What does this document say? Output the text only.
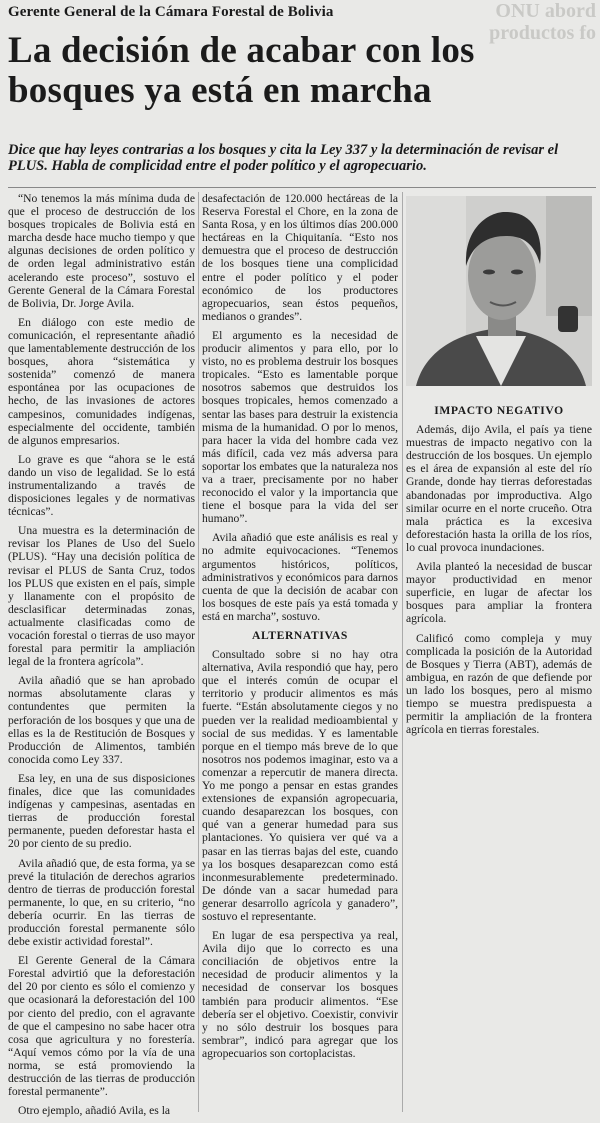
ONU abord
productos fo
Gerente General de la Cámara Forestal de Bolivia
La decisión de acabar con los bosques ya está en marcha
Dice que hay leyes contrarias a los bosques y cita la Ley 337 y la determinación de revisar el PLUS. Habla de complicidad entre el poder político y el agropecuario.

“No tenemos la más mínima duda de que el proceso de destrucción de los bosques tropicales de Bolivia está en marcha desde hace mucho tiempo y que algunas decisiones de orden político y de orden legal administrativo están acelerando este proceso”, sostuvo el Gerente General de la Cámara Forestal de Bolivia, Dr. Jorge Avila.

En diálogo con este medio de comunicación, el representante añadió que lamentablemente destrucción de los bosques, ahora “sistemática y sostenida” comenzó de manera espontánea por las ocupaciones de hecho, de las invasiones de actores campesinos, comunidades indígenas, especialmente del occidente, también de algunos empresarios.

Lo grave es que “ahora se le está dando un viso de legalidad. Se lo está instrumentalizando a través de disposiciones legales y de normativas técnicas”.

Una muestra es la determinación de revisar los Planes de Uso del Suelo (PLUS). “Hay una decisión política de revisar el PLUS de Santa Cruz, todos los PLUS que existen en el país, simple y llanamente con el propósito de desclasificar determinadas zonas, actualmente clasificadas como de vocación forestal o tierras de uso mayor forestal para permitir la ampliación legal de la frontera agrícola”.

Avila añadió que se han aprobado normas absolutamente claras y contundentes que permiten la perforación de los bosques y que una de ellas es la de Restitución de Bosques y Producción de Alimentos, también conocida como Ley 337.

Esa ley, en una de sus disposiciones finales, dice que las comunidades indígenas y campesinas, asentadas en tierras de producción forestal permanente, pueden deforestar hasta el 20 por ciento de su predio.

Avila añadió que, de esta forma, ya se prevé la titulación de derechos agrarios dentro de tierras de producción forestal permanente, lo que, en su criterio, “no debería ocurrir. En las tierras de producción forestal permanente sólo debe existir actividad forestal”.

El Gerente General de la Cámara Forestal advirtió que la deforestación del 20 por ciento es sólo el comienzo y que ocasionará la deforestación del 100 por ciento del predio, con el agravante de que el campesino no sabe hacer otra cosa que agricultura y no forestería. “Aquí vemos cómo por la vía de una norma, se está promoviendo la destrucción de las tierras de producción forestal permanente”.

Otro ejemplo, añadió Avila, es la

desafectación de 120.000 hectáreas de la Reserva Forestal el Chore, en la zona de Santa Rosa, y en los últimos días 200.000 hectáreas en la Chiquitanía. “Esto nos demuestra que el proceso de destrucción de los bosques tiene una complicidad entre el poder político y el poder económico de los productores agropecuarios, sean éstos pequeños, medianos o grandes”.

El argumento es la necesidad de producir alimentos y para ello, por lo visto, no es problema destruir los bosques tropicales. “Esto es lamentable porque nosotros sabemos que destruidos los bosques tropicales, hemos comenzado a sentar las bases para destruir la existencia misma de la humanidad. O por lo menos, para hacer la vida del hombre cada vez más difícil, cada vez más adversa para soportar los embates que la naturaleza nos va a traer, precisamente por no haber reconocido el valor y la importancia que tiene el bosque para la vida del ser humano”.

Avila añadió que este análisis es real y no admite equivocaciones. “Tenemos argumentos históricos, políticos, administrativos y económicos para darnos cuenta de que la decisión de acabar con los bosques de este país ya está tomada y está en marcha”, sostuvo.

ALTERNATIVAS

Consultado sobre si no hay otra alternativa, Avila respondió que hay, pero que el interés común de ocupar el territorio y producir alimentos es más fuerte. “Están absolutamente ciegos y no pueden ver la realidad medioambiental y social de sus medidas. Y es lamentable porque en el tiempo más breve de lo que nosotros nos podemos imaginar, esto va a comenzar a repercutir de manera directa. Yo me pongo a pensar en estas grandes extensiones de expansión agropecuaria, cuando desaparezcan los bosques, con qué van a generar humedad para sus plantaciones. Yo quisiera ver qué va a pasar en las tierras bajas del este, cuando ya los bosques desaparezcan como está inconmesurablemente predeterminado. De dónde van a sacar humedad para generar desarrollo agrícola y ganadero”, sostuvo el representante.

En lugar de esa perspectiva ya real, Avila dijo que lo correcto es una conciliación de objetivos entre la necesidad de producir alimentos y la necesidad de conservar los bosques también para producir alimentos. “Ese debería ser el objetivo. Coexistir, convivir y no sólo destruir los bosques para sembrar”, indicó para agregar que los agropecuarios son cortoplacistas.

IMPACTO NEGATIVO

Además, dijo Avila, el país ya tiene muestras de impacto negativo con la destrucción de los bosques. Un ejemplo es el área de expansión al este del río Grande, donde hay tierras deforestadas abandonadas por improductiva. Algo similar ocurre en el norte cruceño. Otra mala práctica es la excesiva deforestación hasta la orilla de los ríos, lo cual provoca inundaciones.

Avila planteó la necesidad de buscar mayor productividad en menor superficie, en lugar de afectar los bosques para ampliar la frontera agrícola.

Calificó como compleja y muy complicada la posición de la Autoridad de Bosques y Tierra (ABT), además de ambigua, en razón de que defiende por un lado los bosques, pero al mismo tiempo se muestra predispuesta a permitir la ampliación de la frontera agrícola en tierras forestales.
